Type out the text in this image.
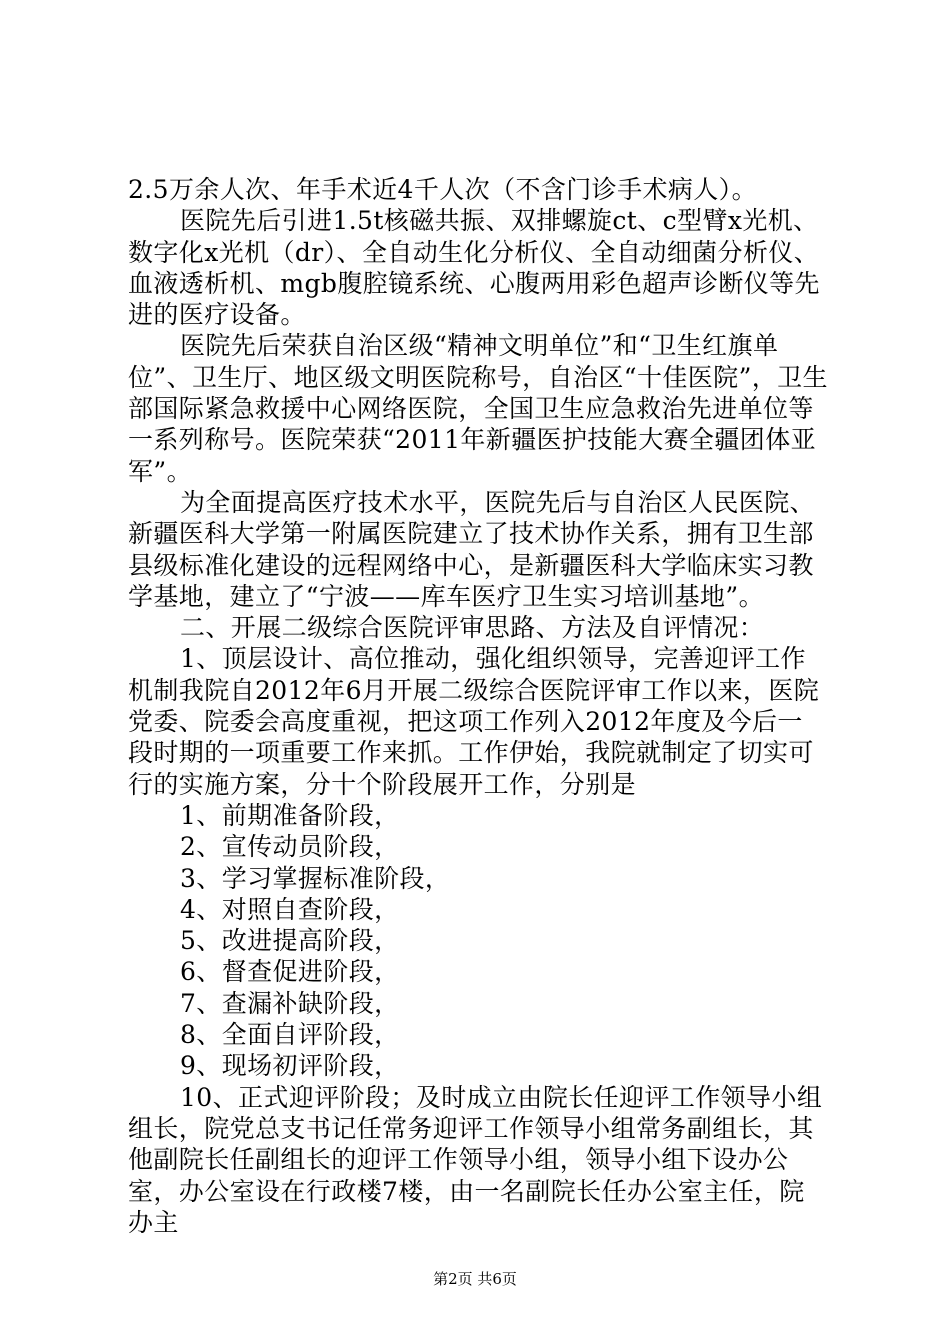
2.5万余人次、年手术近4千人次（不含门诊手术病人）。

医院先后引进1.5t核磁共振、双排螺旋ct、c型臂x光机、数字化x光机（dr）、全自动生化分析仪、全自动细菌分析仪、血液透析机、mgb腹腔镜系统、心腹两用彩色超声诊断仪等先进的医疗设备。

医院先后荣获自治区级“精神文明单位”和“卫生红旗单位”、卫生厅、地区级文明医院称号，自治区“十佳医院”，卫生部国际紧急救援中心网络医院，全国卫生应急救治先进单位等一系列称号。医院荣获“2011年新疆医护技能大赛全疆团体亚军”。

为全面提高医疗技术水平，医院先后与自治区人民医院、新疆医科大学第一附属医院建立了技术协作关系，拥有卫生部县级标准化建设的远程网络中心，是新疆医科大学临床实习教学基地，建立了“宁波——库车医疗卫生实习培训基地”。

二、开展二级综合医院评审思路、方法及自评情况：

1、顶层设计、高位推动，强化组织领导，完善迎评工作机制我院自2012年6月开展二级综合医院评审工作以来，医院党委、院委会高度重视，把这项工作列入2012年度及今后一段时期的一项重要工作来抓。工作伊始，我院就制定了切实可行的实施方案，分十个阶段展开工作，分别是

1、前期准备阶段，

2、宣传动员阶段，

3、学习掌握标准阶段，

4、对照自查阶段，

5、改进提高阶段，

6、督查促进阶段，

7、查漏补缺阶段，

8、全面自评阶段，

9、现场初评阶段，

10、正式迎评阶段；及时成立由院长任迎评工作领导小组组长，院党总支书记任常务迎评工作领导小组常务副组长，其他副院长任副组长的迎评工作领导小组，领导小组下设办公室，办公室设在行政楼7楼，由一名副院长任办公室主任，院办主

第2页 共6页
